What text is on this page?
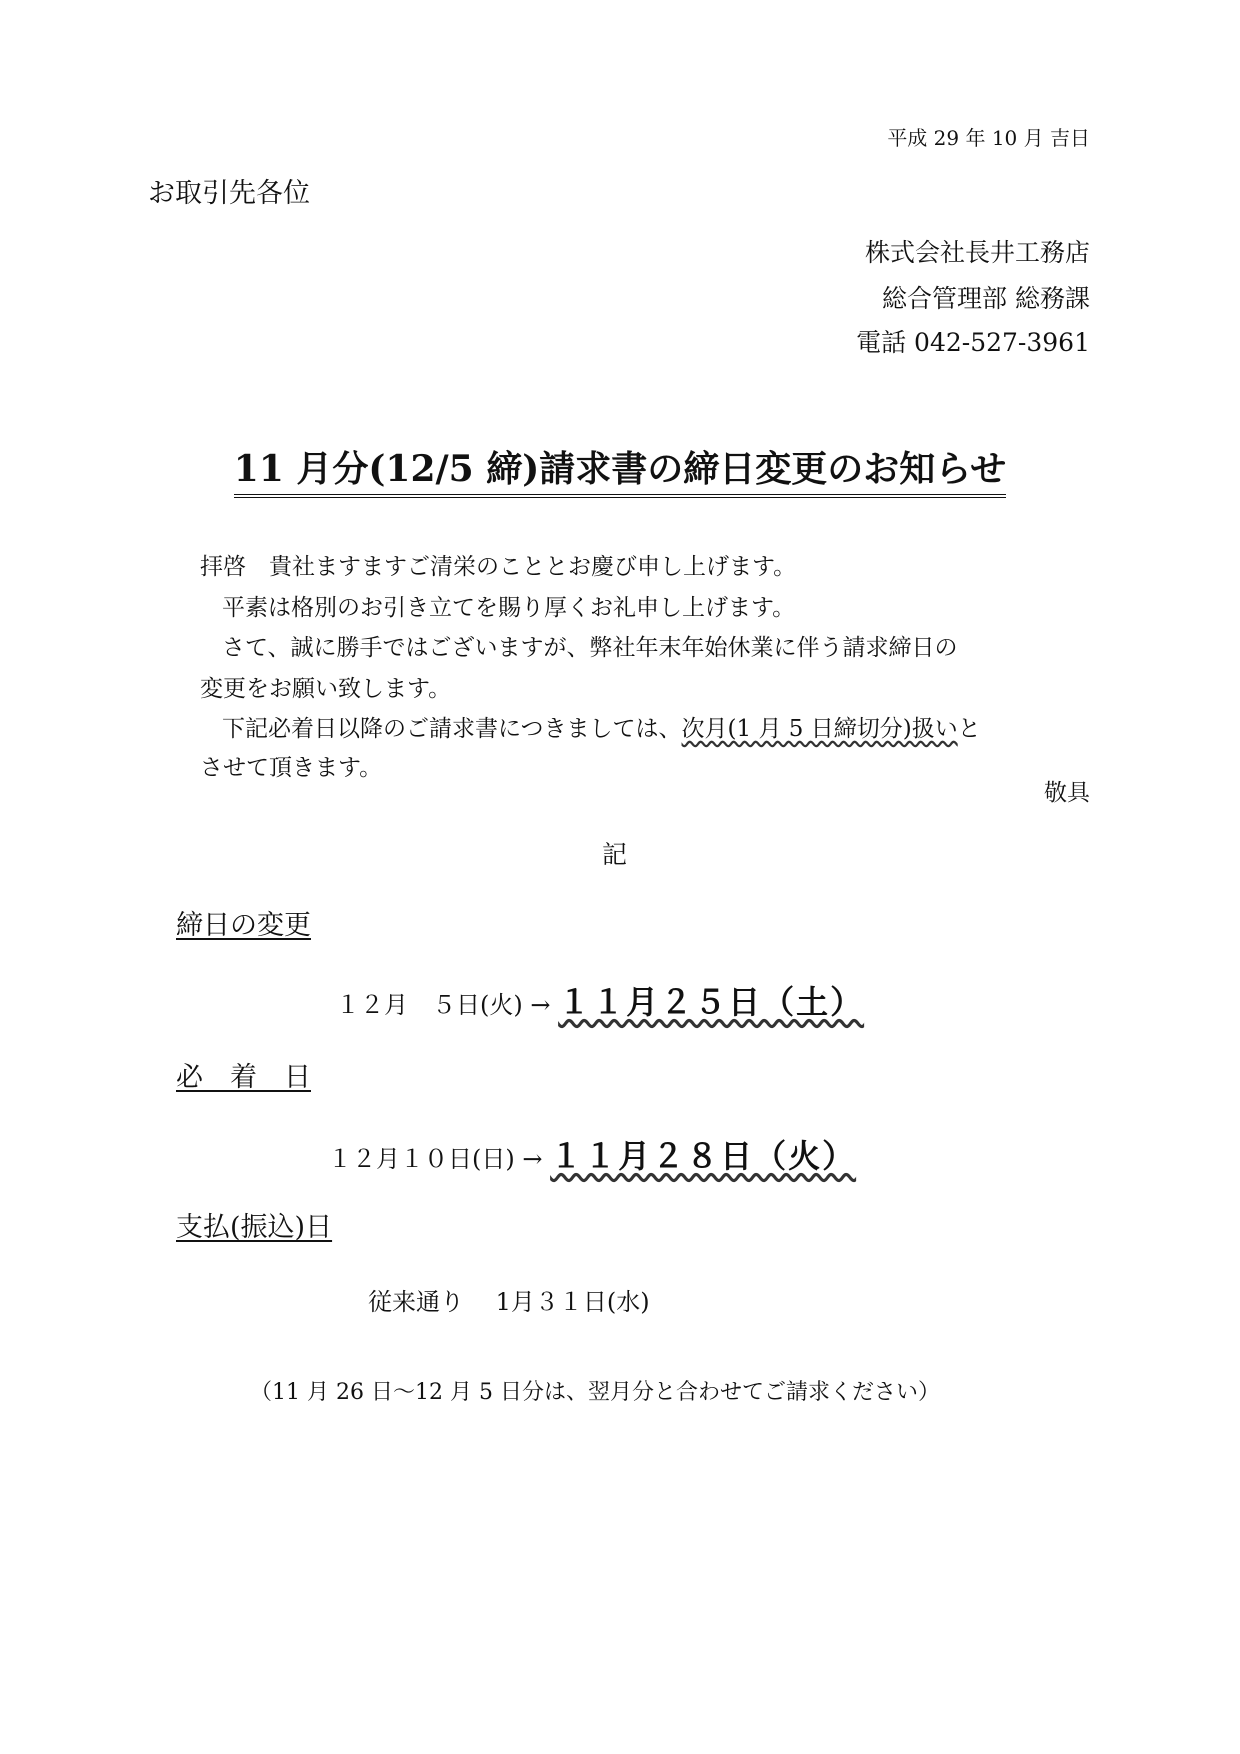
平成 29 年 10 月 吉日
お取引先各位
株式会社長井工務店
総合管理部 総務課
電話 042-527-3961
11 月分(12/5 締)請求書の締日変更のお知らせ
拝啓　貴社ますますご清栄のこととお慶び申し上げます。
平素は格別のお引き立てを賜り厚くお礼申し上げます。
さて、誠に勝手ではございますが、弊社年末年始休業に伴う請求締日の
変更をお願い致します。
下記必着日以降のご請求書につきましては、次月(1 月 5 日締切分)扱いと
させて頂きます。
敬具
記
締日の変更
１２月　５日(火) → １１月２５日（土）
必　着　日
１２月１０日(日) → １１月２８日（火）
支払(振込)日
従来通り　 1月３１日(水)
（11 月 26 日～12 月 5 日分は、翌月分と合わせてご請求ください）
